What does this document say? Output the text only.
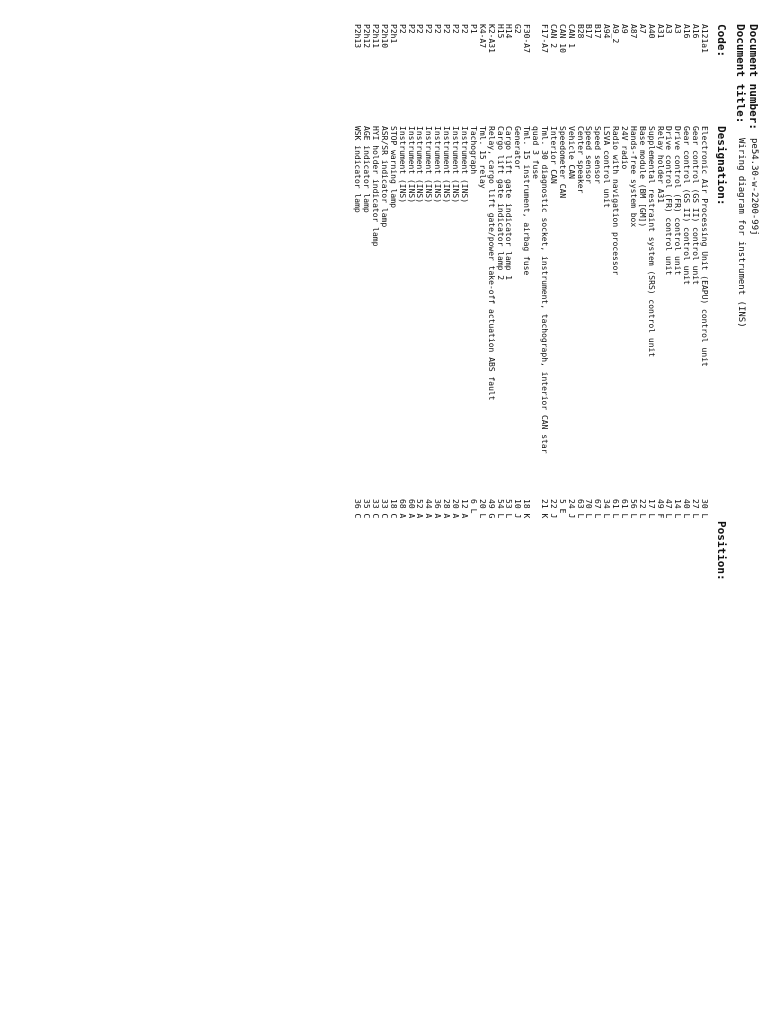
Document number:
pe54.30-w-2200-99j
Document title:
Wiring diagram for instrument (INS)
Code:
Designation:
Position:
A121a1
Electronic Air Processing Unit (EAPU) control unit
30 L
A16
Gear control (GS II) control unit
27 L
A16
Gear control (GS II) control unit
40 L
A3
Drive control (FR) control unit
14 L
A3
Drive control (FR) control unit
47 L
A31
Relay holder A31
49 F
A40
Supplemental restraint system (SRS) control unit
17 L
A7
Base module (BM [GM])
22 L
A87
Hands-free system box
56 L
A9
24V radio
61 L
A9_2
Radio with navigation processor
61 L
A94
LSVA control unit
34 L
B17
Speed sensor
67 L
B17
Speed sensor
70 L
B28
Center speaker
63 L
CAN 1
Vehicle CAN
24 J
CAN 10
Speedometer CAN
5 E
CAN 2
Interior CAN
22 J
F17-A7
Tml. 30 diagnostic socket, instrument, tachograph, interior CAN star
21 K
quad 3 fuse
F30-A7
Tml. 15 instrument, airbag fuse
18 K
G2
Generator
10 J
H14
Cargo lift gate indicator lamp 1
53 L
H15
Cargo lift gate indicator lamp 2
54 L
K2-A31
Relay, cargo lift gate/power take-off actuation ABS fault
49 G
K4-A7
Tml. 15 relay
20 L
P1
Tachograph
6 L
P2
Instrument (INS)
12 A
P2
Instrument (INS)
20 A
P2
Instrument (INS)
28 A
P2
Instrument (INS)
36 A
P2
Instrument (INS)
44 A
P2
Instrument (INS)
52 A
P2
Instrument (INS)
60 A
P2
Instrument (INS)
68 A
P2h1
STOP warning lamp
18 C
P2h10
ASR/SR indicator lamp
33 C
P2h11
HYI holder indicator lamp
33 C
P2h12
AGE indicator lamp
35 C
P2h13
WSK indicator lamp
36 C
